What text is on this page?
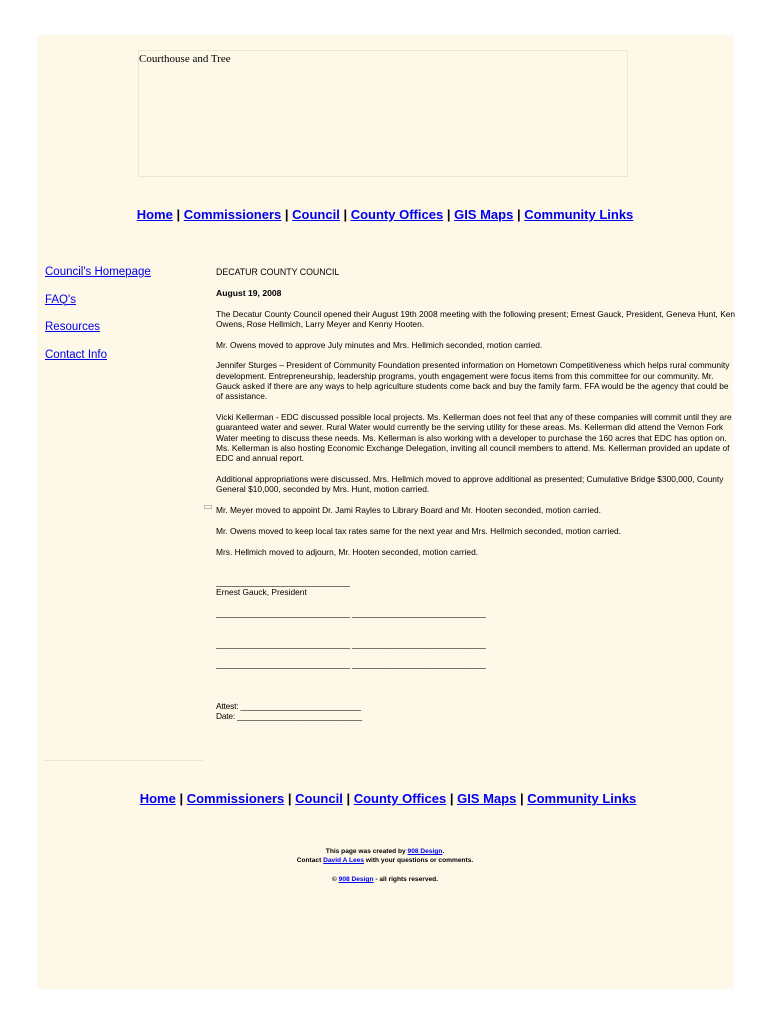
Courthouse and Tree
Home | Commissioners | Council | County Offices | GIS Maps | Community Links
Council's Homepage
FAQ's
Resources
Contact Info

DECATUR COUNTY COUNCIL

August 19, 2008

The Decatur County Council opened their August 19th 2008 meeting with the following present; Ernest Gauck, President, Geneva Hunt, Ken Owens, Rose Hellmich, Larry Meyer and Kenny Hooten.

Mr. Owens moved to approve July minutes and Mrs. Hellmich seconded, motion carried.

Jennifer Sturges – President of Community Foundation presented information on Hometown Competitiveness which helps rural community development. Entrepreneurship, leadership programs, youth engagement were focus items from this committee for our community. Mr. Gauck asked if there are any ways to help agriculture students come back and buy the family farm. FFA would be the agency that could be of assistance.

Vicki Kellerman - EDC discussed possible local projects. Ms. Kellerman does not feel that any of these companies will commit until they are guaranteed water and sewer. Rural Water would currently be the serving utility for these areas. Ms. Kellerman did attend the Vernon Fork Water meeting to discuss these needs. Ms. Kellerman is also working with a developer to purchase the 160 acres that EDC has option on. Ms. Kellerman is also hosting Economic Exchange Delegation, inviting all council members to attend. Ms. Kellerman provided an update of EDC and annual report.

Additional appropriations were discussed. Mrs. Hellmich moved to approve additional as presented; Cumulative Bridge $300,000, County General $10,000, seconded by Mrs. Hunt, motion carried.

Mr. Meyer moved to appoint Dr. Jami Rayles to Library Board and Mr. Hooten seconded, motion carried.

Mr. Owens moved to keep local tax rates same for the next year and Mrs. Hellmich seconded, motion carried.

Mrs. Hellmich moved to adjourn, Mr. Hooten seconded, motion carried.

______________________________

Ernest Gauck, President

______________________________ ______________________________
______________________________ ______________________________
______________________________ ______________________________
Attest: ___________________________
Date: ____________________________
Home | Commissioners | Council | County Offices | GIS Maps | Community Links

This page was created by 908 Design.

Contact David A Lees with your questions or comments.

© 908 Design - all rights reserved.
